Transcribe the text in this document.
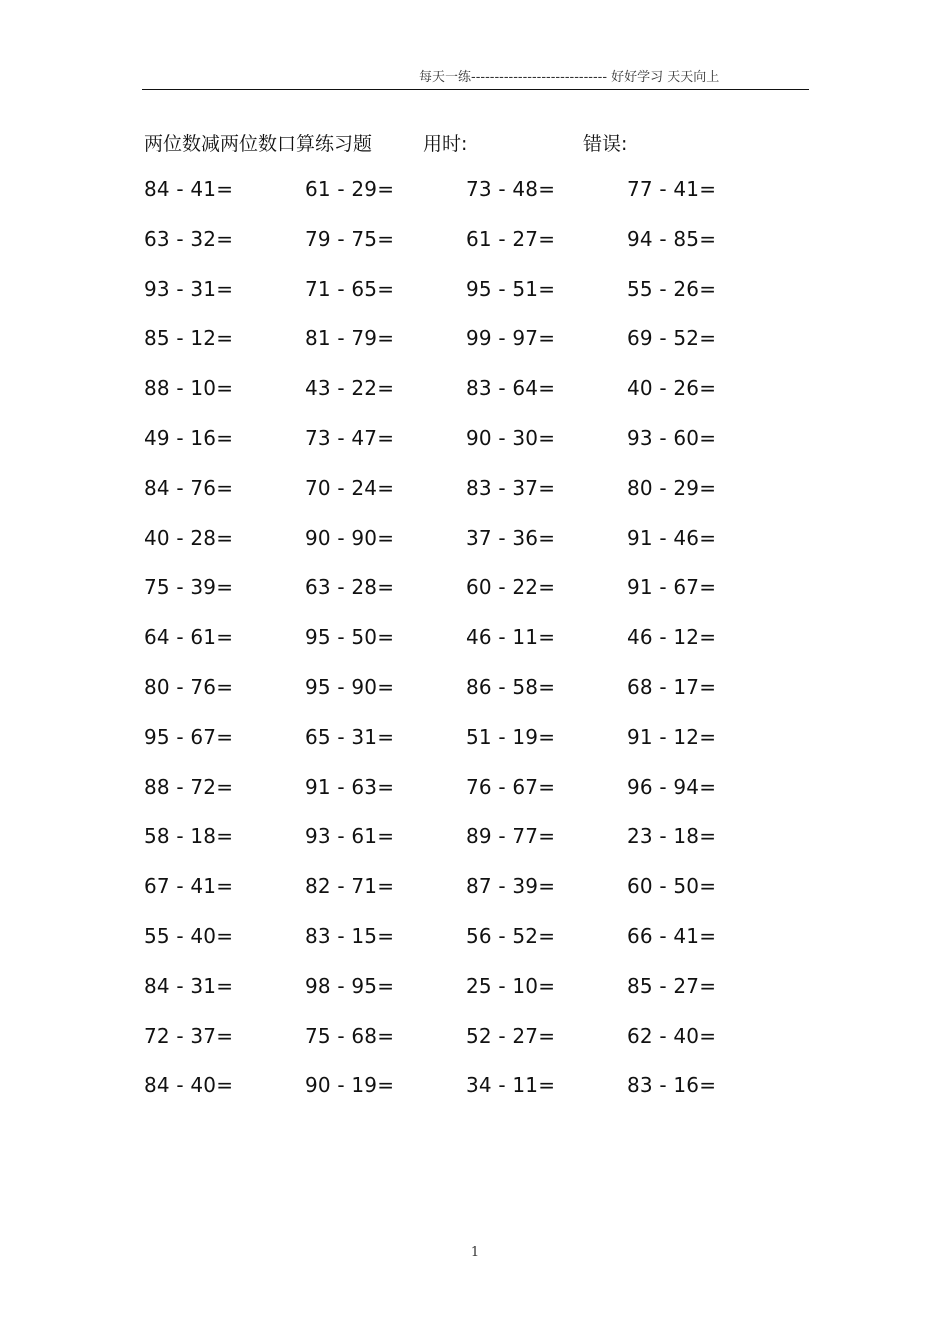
每天一练----------------------------- 好好学习 天天向上
两位数减两位数口算练习题	用时:	错误:
84 - 41=	61 - 29=	73 - 48=	77 - 41=
63 - 32=	79 - 75=	61 - 27=	94 - 85=
93 - 31=	71 - 65=	95 - 51=	55 - 26=
85 - 12=	81 - 79=	99 - 97=	69 - 52=
88 - 10=	43 - 22=	83 - 64=	40 - 26=
49 - 16=	73 - 47=	90 - 30=	93 - 60=
84 - 76=	70 - 24=	83 - 37=	80 - 29=
40 - 28=	90 - 90=	37 - 36=	91 - 46=
75 - 39=	63 - 28=	60 - 22=	91 - 67=
64 - 61=	95 - 50=	46 - 11=	46 - 12=
80 - 76=	95 - 90=	86 - 58=	68 - 17=
95 - 67=	65 - 31=	51 - 19=	91 - 12=
88 - 72=	91 - 63=	76 - 67=	96 - 94=
58 - 18=	93 - 61=	89 - 77=	23 - 18=
67 - 41=	82 - 71=	87 - 39=	60 - 50=
55 - 40=	83 - 15=	56 - 52=	66 - 41=
84 - 31=	98 - 95=	25 - 10=	85 - 27=
72 - 37=	75 - 68=	52 - 27=	62 - 40=
84 - 40=	90 - 19=	34 - 11=	83 - 16=
1
